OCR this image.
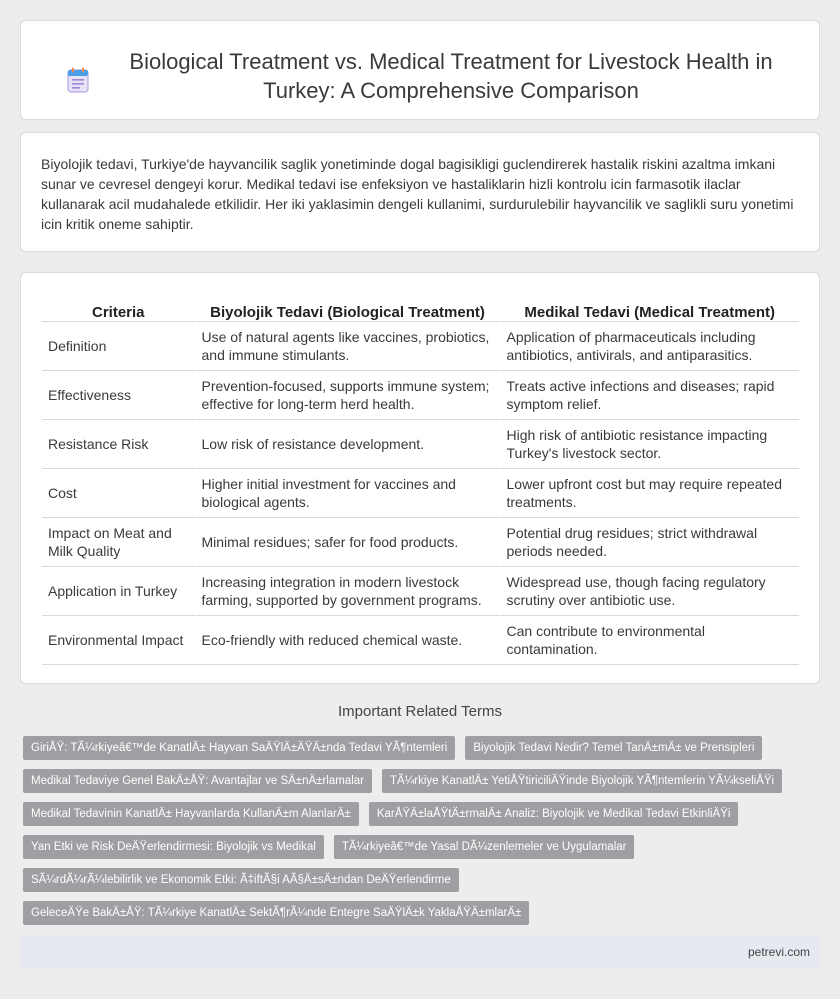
Biological Treatment vs. Medical Treatment for Livestock Health in Turkey: A Comprehensive Comparison

Biyolojik tedavi, Turkiye'de hayvancilik saglik yonetiminde dogal bagisikligi guclendirerek hastalik riskini azaltma imkani sunar ve cevresel dengeyi korur. Medikal tedavi ise enfeksiyon ve hastaliklarin hizli kontrolu icin farmasotik ilaclar kullanarak acil mudahalede etkilidir. Her iki yaklasimin dengeli kullanimi, surdurulebilir hayvancilik ve saglikli suru yonetimi icin kritik oneme sahiptir.

Criteria	Biyolojik Tedavi (Biological Treatment)	Medikal Tedavi (Medical Treatment)
Definition	Use of natural agents like vaccines, probiotics, and immune stimulants.	Application of pharmaceuticals including antibiotics, antivirals, and antiparasitics.
Effectiveness	Prevention-focused, supports immune system; effective for long-term herd health.	Treats active infections and diseases; rapid symptom relief.
Resistance Risk	Low risk of resistance development.	High risk of antibiotic resistance impacting Turkey's livestock sector.
Cost	Higher initial investment for vaccines and biological agents.	Lower upfront cost but may require repeated treatments.
Impact on Meat and Milk Quality	Minimal residues; safer for food products.	Potential drug residues; strict withdrawal periods needed.
Application in Turkey	Increasing integration in modern livestock farming, supported by government programs.	Widespread use, though facing regulatory scrutiny over antibiotic use.
Environmental Impact	Eco-friendly with reduced chemical waste.	Can contribute to environmental contamination.
Important Related Terms
GiriÅŸ: TÃ¼rkiyeâ€™de KanatlÄ± Hayvan SaÄŸlÄ±ÄŸÄ±nda Tedavi YÃ¶ntemleri	Biyolojik Tedavi Nedir? Temel TanÄ±mÄ± ve Prensipleri
Medikal Tedaviye Genel BakÄ±ÅŸ: Avantajlar ve SÄ±nÄ±rlamalar	TÃ¼rkiye KanatlÄ± YetiÅŸtiriciliÄŸinde Biyolojik YÃ¶ntemlerin YÃ¼kseliÅŸi
Medikal Tedavinin KanatlÄ± Hayvanlarda KullanÄ±m AlanlarÄ±	KarÅŸÄ±laÅŸtÄ±rmalÄ± Analiz: Biyolojik ve Medikal Tedavi EtkinliÄŸi
Yan Etki ve Risk DeÄŸerlendirmesi: Biyolojik vs Medikal	TÃ¼rkiyeâ€™de Yasal DÃ¼zenlemeler ve Uygulamalar
SÃ¼rdÃ¼rÃ¼lebilirlik ve Ekonomik Etki: Ã‡iftÃ§i AÃ§Ä±sÄ±ndan DeÄŸerlendirme
GeleceÄŸe BakÄ±ÅŸ: TÃ¼rkiye KanatlÄ± SektÃ¶rÃ¼nde Entegre SaÄŸlÄ±k YaklaÅŸÄ±mlarÄ±
petrevi.com
